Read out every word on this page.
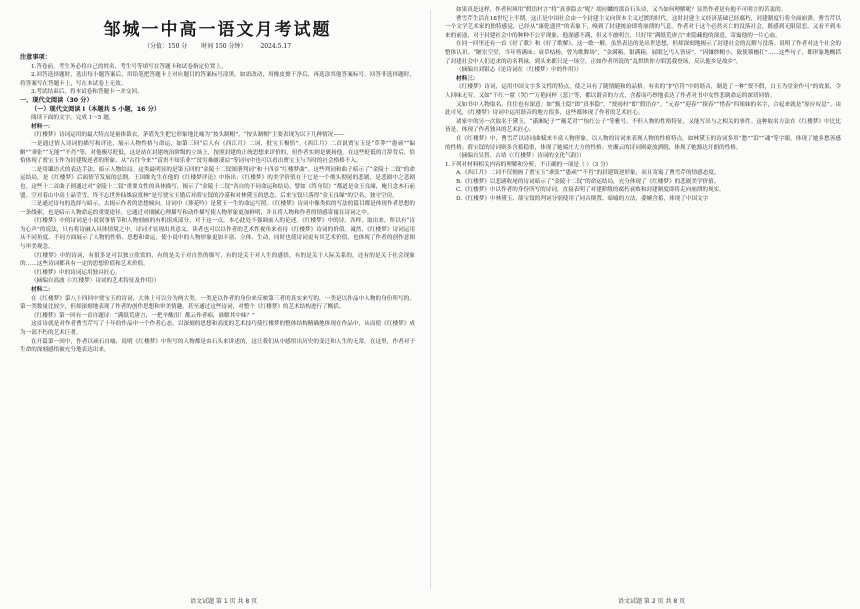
邹城一中高一语文月考试题
（分值：150 分 时间 150 分钟） 2024.5.17

注意事项：

1.答卷前，考生务必将自己的姓名、考生号等填写在答题卡和试卷指定位置上。

2.回答选择题时，选出每小题答案后，用铅笔把答题卡上对应题目的答案标号涂黑。如需改动，用橡皮擦干净后，再选涂其他答案标号。回答非选择题时，将答案写在答题卡上，写在本试卷上无效。

3.考试结束后，将本试卷和答题卡一并交回。

一、现代文阅读（30 分）

（一）现代文阅读 I（本题共 5 小题，16 分）

阅读下面的文字，完成 1～5 题。

材料一：

《红楼梦》诗词运用的最大特点是量体裁衣，茅盾先生把它形象地比喻为“按头制帽”。“按头制帽”主要表现为以下几种情况——

一是通过情人诗词的描写和评论，展示人物性格与命运，如第三回“后人有《西江月》二词，批宝玉极恰”。《西江月》二首说贾宝玉是“草莽”“愚顽”“偏僻”“乖张”“无能”“不肖”等，对他极尽贬低，这是站在封建统治阶级的立场上，按照封建的正统思想来评价的，但作者实则是褒扬他。在这些贬低的言辞背后，恰恰体现了贾宝玉作为封建叛逆者的形象。从“古往今来”“富贵不知乐业”“贫穷难耐凄凉”等词句中也可以看出贾宝玉与当时的社会格格不入。

二是用谶语式的表达手法，暗示人物结局。这类最明显的是第五回的“金陵十二钗图册判词”和十四首“红楼梦曲”。这些判词和曲子暗示了“金陵十二钗”的命运结局，是《红楼梦》后面情节发展的总纲。王国维先生在他的《红楼梦评论》中指出：《红楼梦》的美学价值在于它是一个彻头彻尾的悲剧，是悲剧中之悲剧也。这些十二首曲子则通过对“金陵十二钗”重要女性的具体描写，揭示了“金陵十二钗”各自的不同命运和结局。譬如《终身误》“都道是金玉良缘，俺只念木石前盟。空对着山中高士晶莹雪，终不忘世外仙姝寂寞林”是写贾宝玉婚后对薛宝钗的冷漠和对林黛玉的思念，后来宝钗只落得“金玉良缘”的空名，独守空房。

三是通过诗句的选择与暗示，去揭示作者的思想倾向。诗词中《葬花吟》是黛玉一生的命运写照。《红楼梦》诗词中像类似的写法的篇目都是体现作者思想的一条线索，也是暗示人物命运的重要途径。它通过对细腻心理描写和动作描写使人物形象更加鲜明，并且将人物和作者的情感寄寓在诗词之中。

《红楼梦》中的诗词是小说叙事情节和人物刻画的有机组成部分，对于这一点，本心此处不强调前人的论述。《红楼梦》中的诗，各样，取出来，所以有“诗为心声”的说法，只有将诗融入具体情境之中，诗词才显现出其意义。读者也可以以作者的艺术性视角来看待《红楼梦》诗词的价值。诚然，《红楼梦》诗词运用从不同角度、不同方面展示了人物的性格、思想和命运，使小说中的人物形象更加丰富、立体、生动，同时也使诗词更有其艺术价值，也体现了作者的创作意图与审美观念。

《红楼梦》中的诗词，有很多是可以独立欣赏的，有的是关于对自然的描写，有的是关于对人生的感悟，有的是关于人际关系的，还有的是关于社会现象的……这些诗词都具有一定的思想价值和艺术价值。

《红楼梦》中的诗词运用独具匠心。

（摘编自高波《〈红楼梦〉诗词的艺术特征及作用》）

材料二：

在《红楼梦》第八十四回中贾宝玉的诗词，大体上可以分为两大类。一类是以作者的身份来反映第三者的真实来写的，一类是以作品中人物的身份所写的。第一类数量比较少，但却深刻地表现了作者的创作思想和审美情趣，甚至通过这些诗词，对整个《红楼梦》的艺术结构进行了概括。

《红楼梦》第一回有一首自题诗：“满纸荒唐言，一把辛酸泪！都云作者痴，谁解其中味？”

这首诗就是对作者曹雪芹写了十年的作品中一个作者心态。以深刻的思想和高度的艺术技巧使红楼梦的整体结构精确地体现在作品中，从而使《红楼梦》成为一部不朽的艺术巨著。

在开篇第一回中，作者以顽石自喻，说明《红楼梦》中所写的人物都是由石头来讲述的，这让我们从中感悟出历史的变迁和人生的无常。在这里，作者对于生命的深刻感悟被充分地表达出来。

语文试题 第 1 页 共 8 页

如果真是这样，作者何须用“假语村言”将“真事隐去”呢？胡应麟的那首石头诗，又当如何理解呢？显然作者是有他不可明言的苦衷的。

曹雪芹生活在18世纪上半期。这正是中国社会由一个封建主义向资本主义过渡的时代。这时封建主义经济基础已经腐朽，封建制度行将全面崩溃。曹雪芹以一个文学艺术家的独特感觉，已经从“康乾盛世”的表象下，嗅到了封建统治即将崩溃的气息。作者对于这个必然灭亡的没落社会，既感到无限留恋，又看不到未来的前途，对于封建社会中的种种不公平现象，他深感不满，但又不敢明言，只好用“满纸荒唐言”来隐藏他的深意，寄寓他的一片心血。

在同一回里还有一首《好了歌》和《好了歌解》。这一歌一解，虽然表达的是出世思想，但却深刻地揭示了封建社会的瓦解与没落。说明了作者对这个社会的整体认识。“陋室空堂，当年笏满床；衰草枯杨，曾为歌舞场”，“金满箱，银满箱，展眼乞丐人皆谤”，“因嫌纱帽小，致使锁枷扛”……这些句子，都形象地概括了封建社会中人们追求的功名利禄，到头来都只是一场空。正如作者所说的“乱烘烘你方唱罢我登场，反认他乡是故乡”。

（摘编自刘银志《论诗词在〈红楼梦〉中的作用》）

材料三：

《红楼梦》诗词，运用中国文字多义性的特点，使之具有了随情随和的品格。有名的“护官符”中的谐音，制造了一种“贾不假，白玉为堂金作马”的效果，令人回味无穷。又如“千红一窟（哭）”“万艳同杯（悲）”等，都以谐音的方式，含蓄而巧妙地表达了作者对书中女性悲剧命运的深切同情。

又如书中人物取名，往往也有深意。如“甄士隐”即“真事隐”，“贾雨村”即“假语存”。“元春”“迎春”“探春”“惜春”四姐妹的名字，合起来就是“原应叹息”。由此可见，《红楼梦》诗词中运用谐音的地方很多，这些都体现了作者的艺术匠心。

诸家中的另一次取名于黛玉，“潇湘妃子”“蘅芜君”“怡红公子”等雅号，不但人物的性格特征，又能写出与之相关的事件。这种取名方法在《红楼梦》中比比皆是，体现了作者独具的艺术匠心。

在《红楼梦》中，曹雪芹以诗词曲赋来丰富人物形象，以人物的诗词来表现人物的性格特点。如林黛玉的诗词多用“愁”“泪”“魂”等字眼，体现了她多愁善感的性格；薛宝钗的诗词则多含蓄稳重，体现了她端庄大方的性格；史湘云的诗词则豪放洒脱，体现了她豁达开朗的性格。

（摘编自吴智、古靖《〈红楼梦〉诗词的文化气韵》）

1.下列对材料相关内容的理解和分析，不正确的一项是（ ）（3 分）

A.《西江月》二词不仅刻画了贾宝玉“乖张”“愚顽”“不肖”的封建叛逆形象，而且寄寓了曹雪芹的情感态度。

B.《红楼梦》以悲剧收尾的诗词暗示了“金陵十二钗”的命运结局，充分体现了《红楼梦》的悲剧美学价值。

C.《红楼梦》中以作者的身份所写的诗词，直接表明了对建阶级的腐朽衰败和封建制度即将走向崩溃的现实。

D.《红楼梦》中林黛玉、薛宝钗的判词分别使用了同音倒置、暗喻的方法，委婉含蓄，体现了中国文字

语文试题 第 2 页 共 8 页
